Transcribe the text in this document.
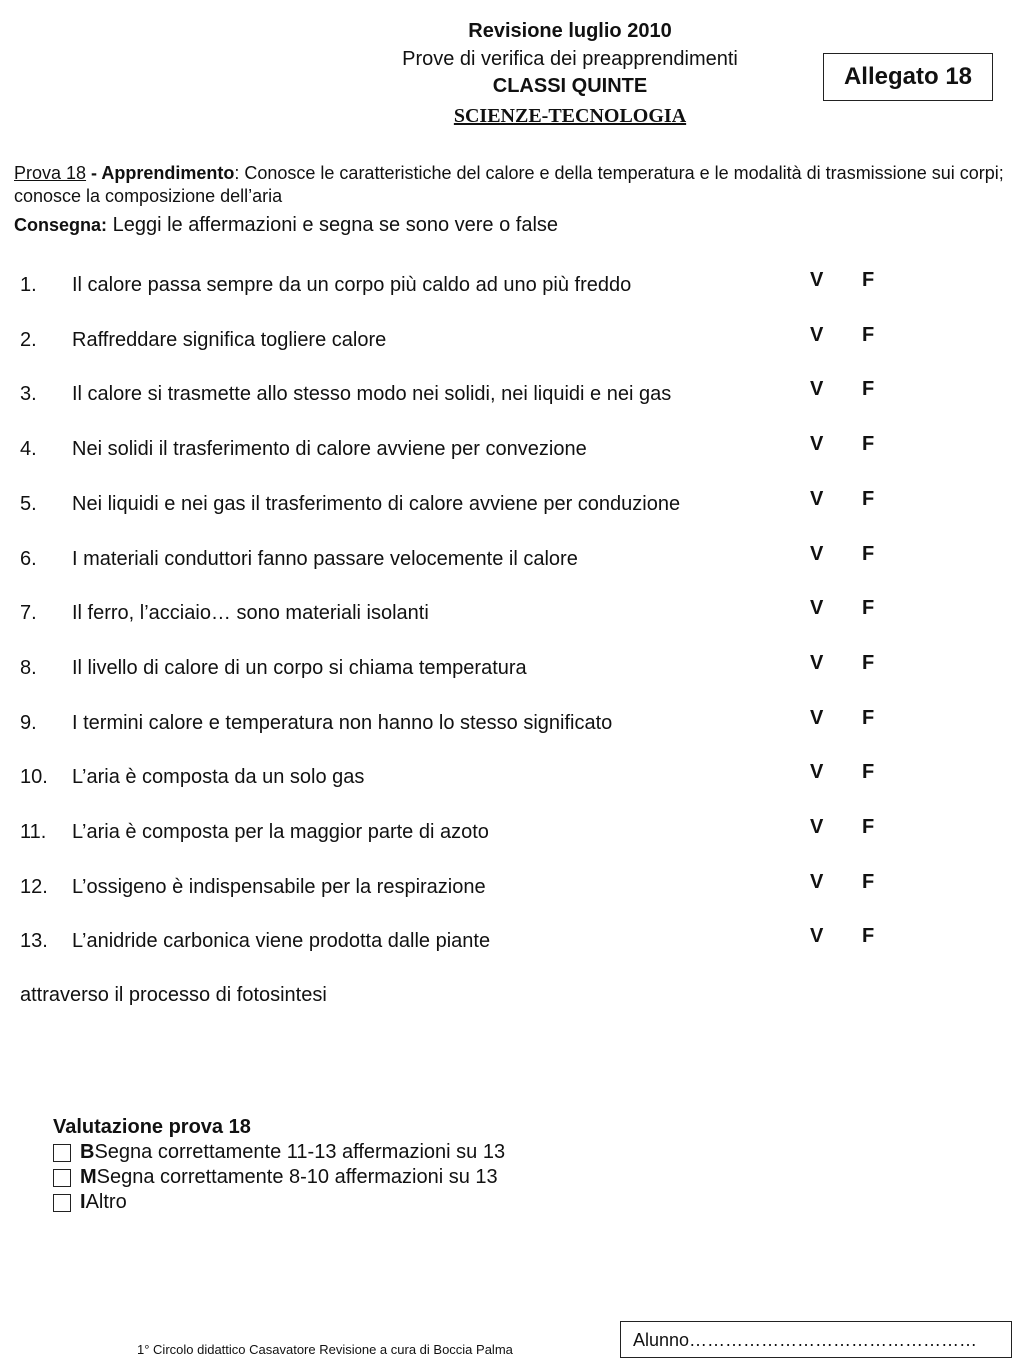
Revisione luglio 2010
Prove di verifica dei preapprendimenti
CLASSI QUINTE
SCIENZE-TECNOLOGIA
Allegato 18
Prova 18 - Apprendimento: Conosce le caratteristiche del calore e della temperatura e le modalità di trasmissione sui corpi; conosce la composizione dell’aria
Consegna: Leggi le affermazioni e segna se sono vere o false
1.	Il calore passa sempre da un corpo più caldo ad uno più freddo	V F
2.	Raffreddare significa togliere calore	V F
3.	Il calore si trasmette allo stesso modo nei solidi, nei liquidi e nei gas	V F
4.	Nei solidi il trasferimento di calore avviene per convezione	V F
5.	Nei liquidi e nei gas il trasferimento di calore avviene per conduzione	V F
6.	I materiali conduttori fanno passare velocemente il calore	V F
7.	Il ferro, l’acciaio… sono materiali isolanti	V F
8.	Il livello di calore di un corpo si chiama temperatura	V F
9.	I termini calore e temperatura non hanno lo stesso significato	V F
10.	L’aria è composta da un solo gas	V F
11.	L’aria è composta per la maggior parte di azoto	V F
12.	L’ossigeno è indispensabile per la respirazione	V F
13.	L’anidride carbonica viene prodotta dalle piante	V F
attraverso il processo di fotosintesi
Valutazione prova 18
B Segna correttamente 11-13 affermazioni su 13
M Segna correttamente 8-10 affermazioni su 13
I Altro
1° Circolo didattico Casavatore Revisione a cura di Boccia Palma	Alunno…………………………………………
